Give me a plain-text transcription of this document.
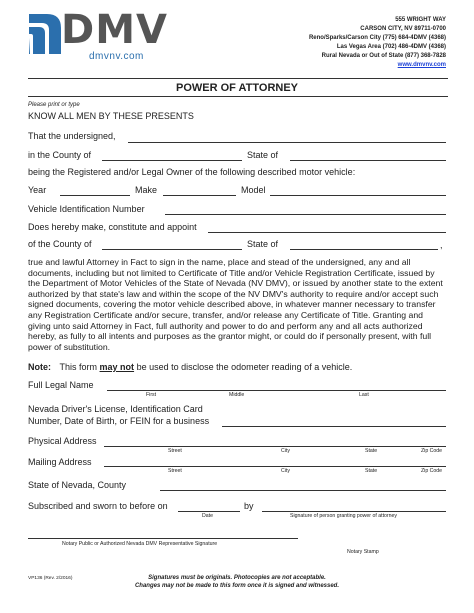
DMV
dmvnv.com
555 WRIGHT WAY
CARSON CITY, NV 89711-0700
Reno/Sparks/Carson City (775) 684-4DMV (4368)
Las Vegas Area (702) 486-4DMV (4368)
Rural Nevada or Out of State (877) 368-7828
www.dmvnv.com
POWER OF ATTORNEY
Please print or type
KNOW ALL MEN BY THESE PRESENTS
That the undersigned,
in the County of	State of
being the Registered and/or Legal Owner of the following described motor vehicle:
Year	Make	Model
Vehicle Identification Number
Does hereby make, constitute and appoint
of the County of	State of	,
true and lawful Attorney in Fact to sign in the name, place and stead of the undersigned, any and all documents, including but not limited to Certificate of Title and/or Vehicle Registration Certificate, issued by the Department of Motor Vehicles of the State of Nevada (NV DMV), or issued by another state to the extent authorized by that state's law and within the scope of the NV DMV's authority to require and/or accept such signed documents, covering the motor vehicle described above, in whatever manner necessary to transfer any Registration Certificate and/or secure, transfer, and/or release any Certificate of Title. Granting and giving unto said Attorney in Fact, full authority and power to do and perform any and all acts authorized hereby, as fully to all intents and purposes as the grantor might, or could do if personally present, with full power of substitution.
Note: This form may not be used to disclose the odometer reading of a vehicle.
Full Legal Name
First	Middle	Last
Nevada Driver's License, Identification Card
Number, Date of Birth, or FEIN for a business
Physical Address
Street	City	State	Zip Code
Mailing Address
Street	City	State	Zip Code
State of Nevada, County
Subscribed and sworn to before on	by
Date	Signature of person granting power of attorney
Notary Public or Authorized Nevada DMV Representative Signature
Notary Stamp
VP136 (Rev. 2/2016)	Signatures must be originals. Photocopies are not acceptable.
Changes may not be made to this form once it is signed and witnessed.
